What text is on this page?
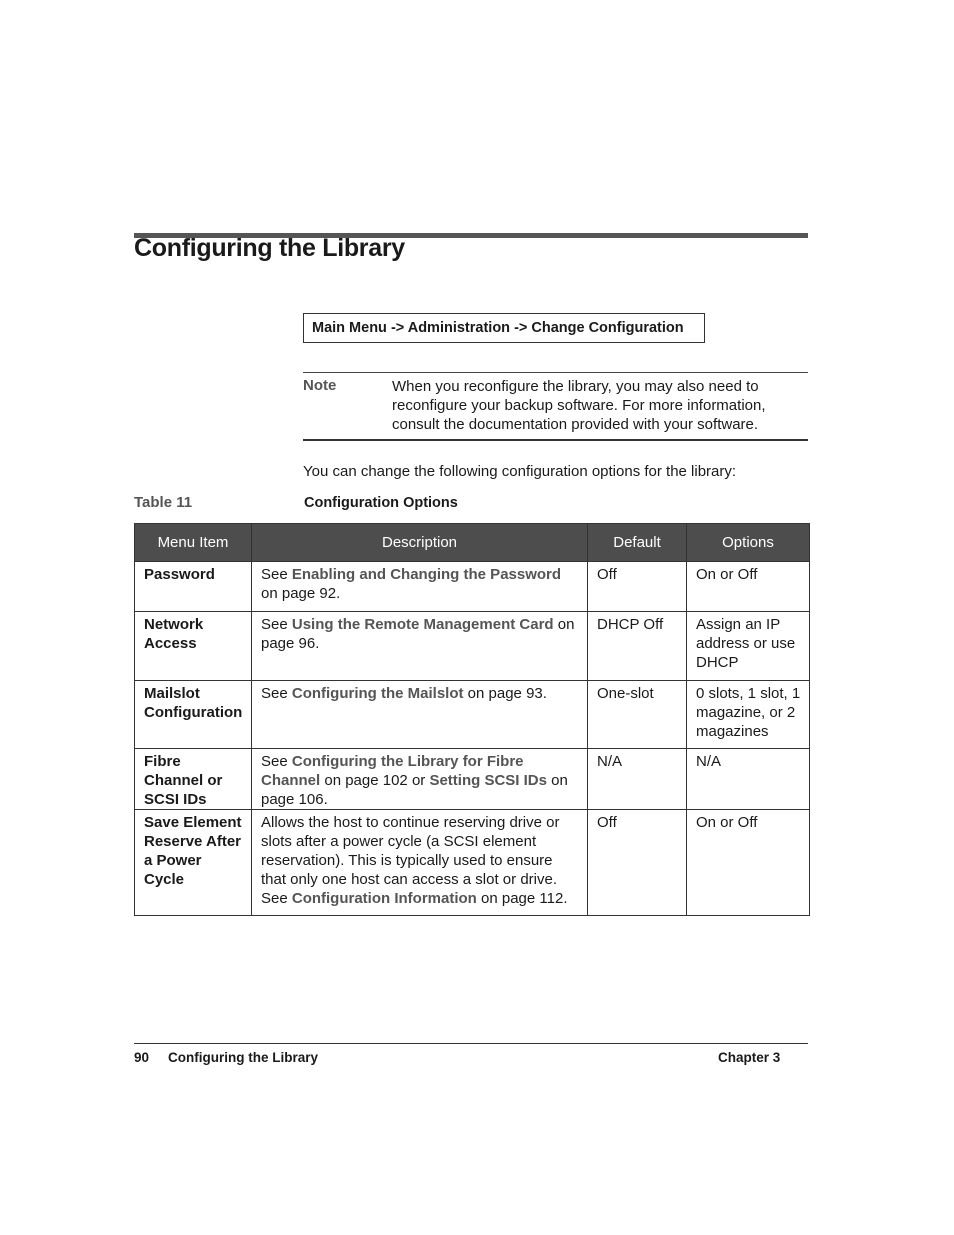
Configuring the Library
Main Menu -> Administration -> Change Configuration
Note	When you reconfigure the library, you may also need to reconfigure your backup software. For more information, consult the documentation provided with your software.
You can change the following configuration options for the library:
Table 11	Configuration Options
Menu Item	Description	Default	Options
Password	See Enabling and Changing the Password on page 92.	Off	On or Off
Network Access	See Using the Remote Management Card on page 96.	DHCP Off	Assign an IP address or use DHCP
Mailslot Configuration	See Configuring the Mailslot on page 93.	One-slot	0 slots, 1 slot, 1 magazine, or 2 magazines
Fibre Channel or SCSI IDs	See Configuring the Library for Fibre Channel on page 102 or Setting SCSI IDs on page 106.	N/A	N/A
Save Element Reserve After a Power Cycle	Allows the host to continue reserving drive or slots after a power cycle (a SCSI element reservation). This is typically used to ensure that only one host can access a slot or drive. See Configuration Information on page 112.	Off	On or Off
90 Configuring the Library	Chapter 3
